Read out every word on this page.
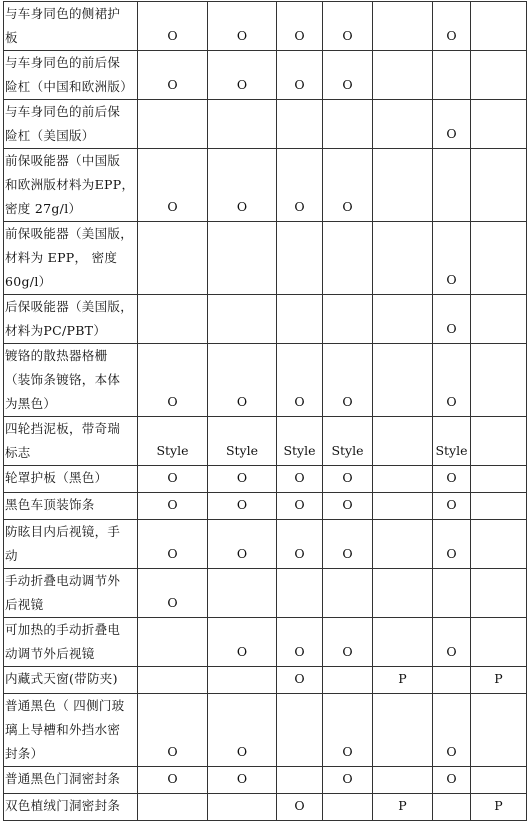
与车身同色的侧裙护
板	O	O	O	O		O	
与车身同色的前后保
险杠（中国和欧洲版）	O	O	O	O			
与车身同色的前后保
险杠（美国版）						O	
前保吸能器（中国版
和欧洲版材料为EPP，
密度 27g/l）	O	O	O	O			
前保吸能器（美国版，
材料为 EPP， 密度
60g/l）						O	
后保吸能器（美国版，
材料为PC/PBT）						O	
镀铬的散热器格栅
（装饰条镀铬，本体
为黑色）	O	O	O	O		O	
四轮挡泥板，带奇瑞
标志	Style	Style	Style	Style		Style	
轮罩护板（黑色）	O	O	O	O		O	
黑色车顶装饰条	O	O	O	O		O	
防眩目内后视镜，手
动	O	O	O	O		O	
手动折叠电动调节外
后视镜	O						
可加热的手动折叠电
动调节外后视镜		O	O	O		O	
内藏式天窗(带防夹)			O		P		P
普通黑色（ 四侧门玻
璃上导槽和外挡水密
封条）	O	O		O		O	
普通黑色门洞密封条	O	O		O		O	
双色植绒门洞密封条			O		P		P
